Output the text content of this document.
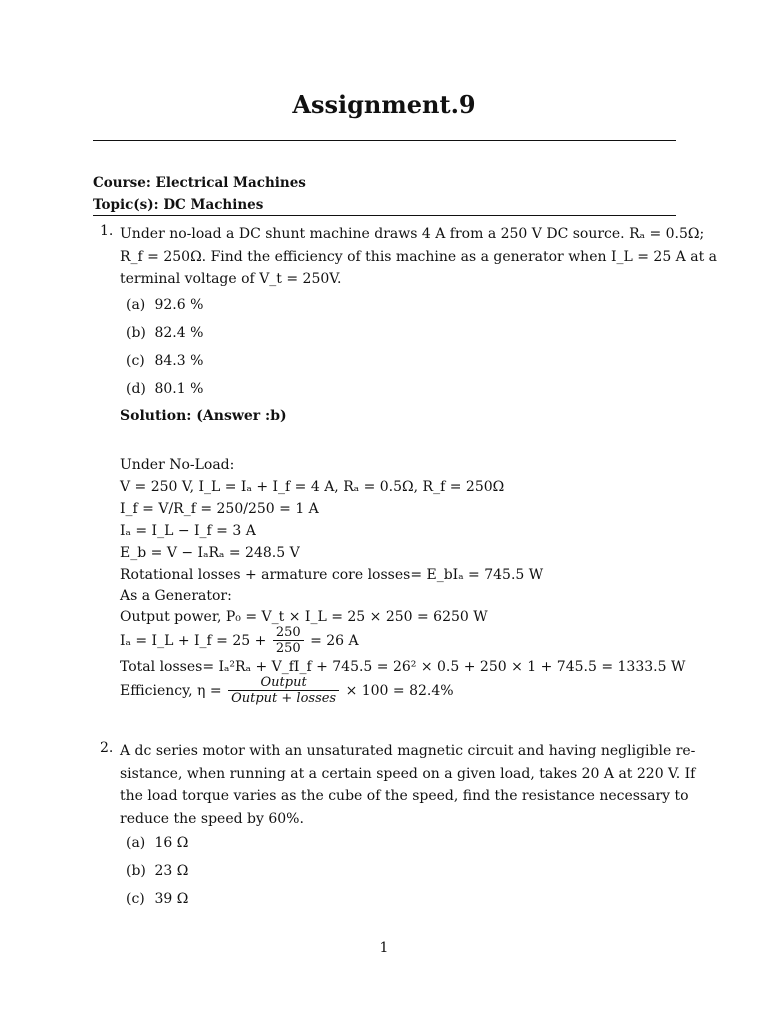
Assignment.9
Course: Electrical Machines
Topic(s): DC Machines
1. Under no-load a DC shunt machine draws 4 A from a 250 V DC source. Rₐ = 0.5Ω;
R_f = 250Ω. Find the efficiency of this machine as a generator when I_L = 25 A at a
terminal voltage of V_t = 250V.
(a) 92.6 %
(b) 82.4 %
(c) 84.3 %
(d) 80.1 %
Solution: (Answer :b)
Under No-Load:
V = 250 V, I_L = Iₐ + I_f = 4 A, Rₐ = 0.5Ω, R_f = 250Ω
I_f = V/R_f = 250/250 = 1 A
Iₐ = I_L − I_f = 3 A
E_b = V − IₐRₐ = 248.5 V
Rotational losses + armature core losses= E_bIₐ = 745.5 W
As a Generator:
Output power, P₀ = V_t × I_L = 25 × 250 = 6250 W
Iₐ = I_L + I_f = $25 + \frac{250}{250} = 26$ A
Total losses= Iₐ²Rₐ + V_fI_f + 745.5 = 26² × 0.5 + 250 × 1 + 745.5 = 1333.5 W
Efficiency, $\eta = \frac{\text{Output}}{\text{Output + losses}} \times 100 = 82.4\%$
2. A dc series motor with an unsaturated magnetic circuit and having negligible re-
sistance, when running at a certain speed on a given load, takes 20 A at 220 V. If
the load torque varies as the cube of the speed, find the resistance necessary to
reduce the speed by 60%.
(a) 16 Ω
(b) 23 Ω
(c) 39 Ω
1
